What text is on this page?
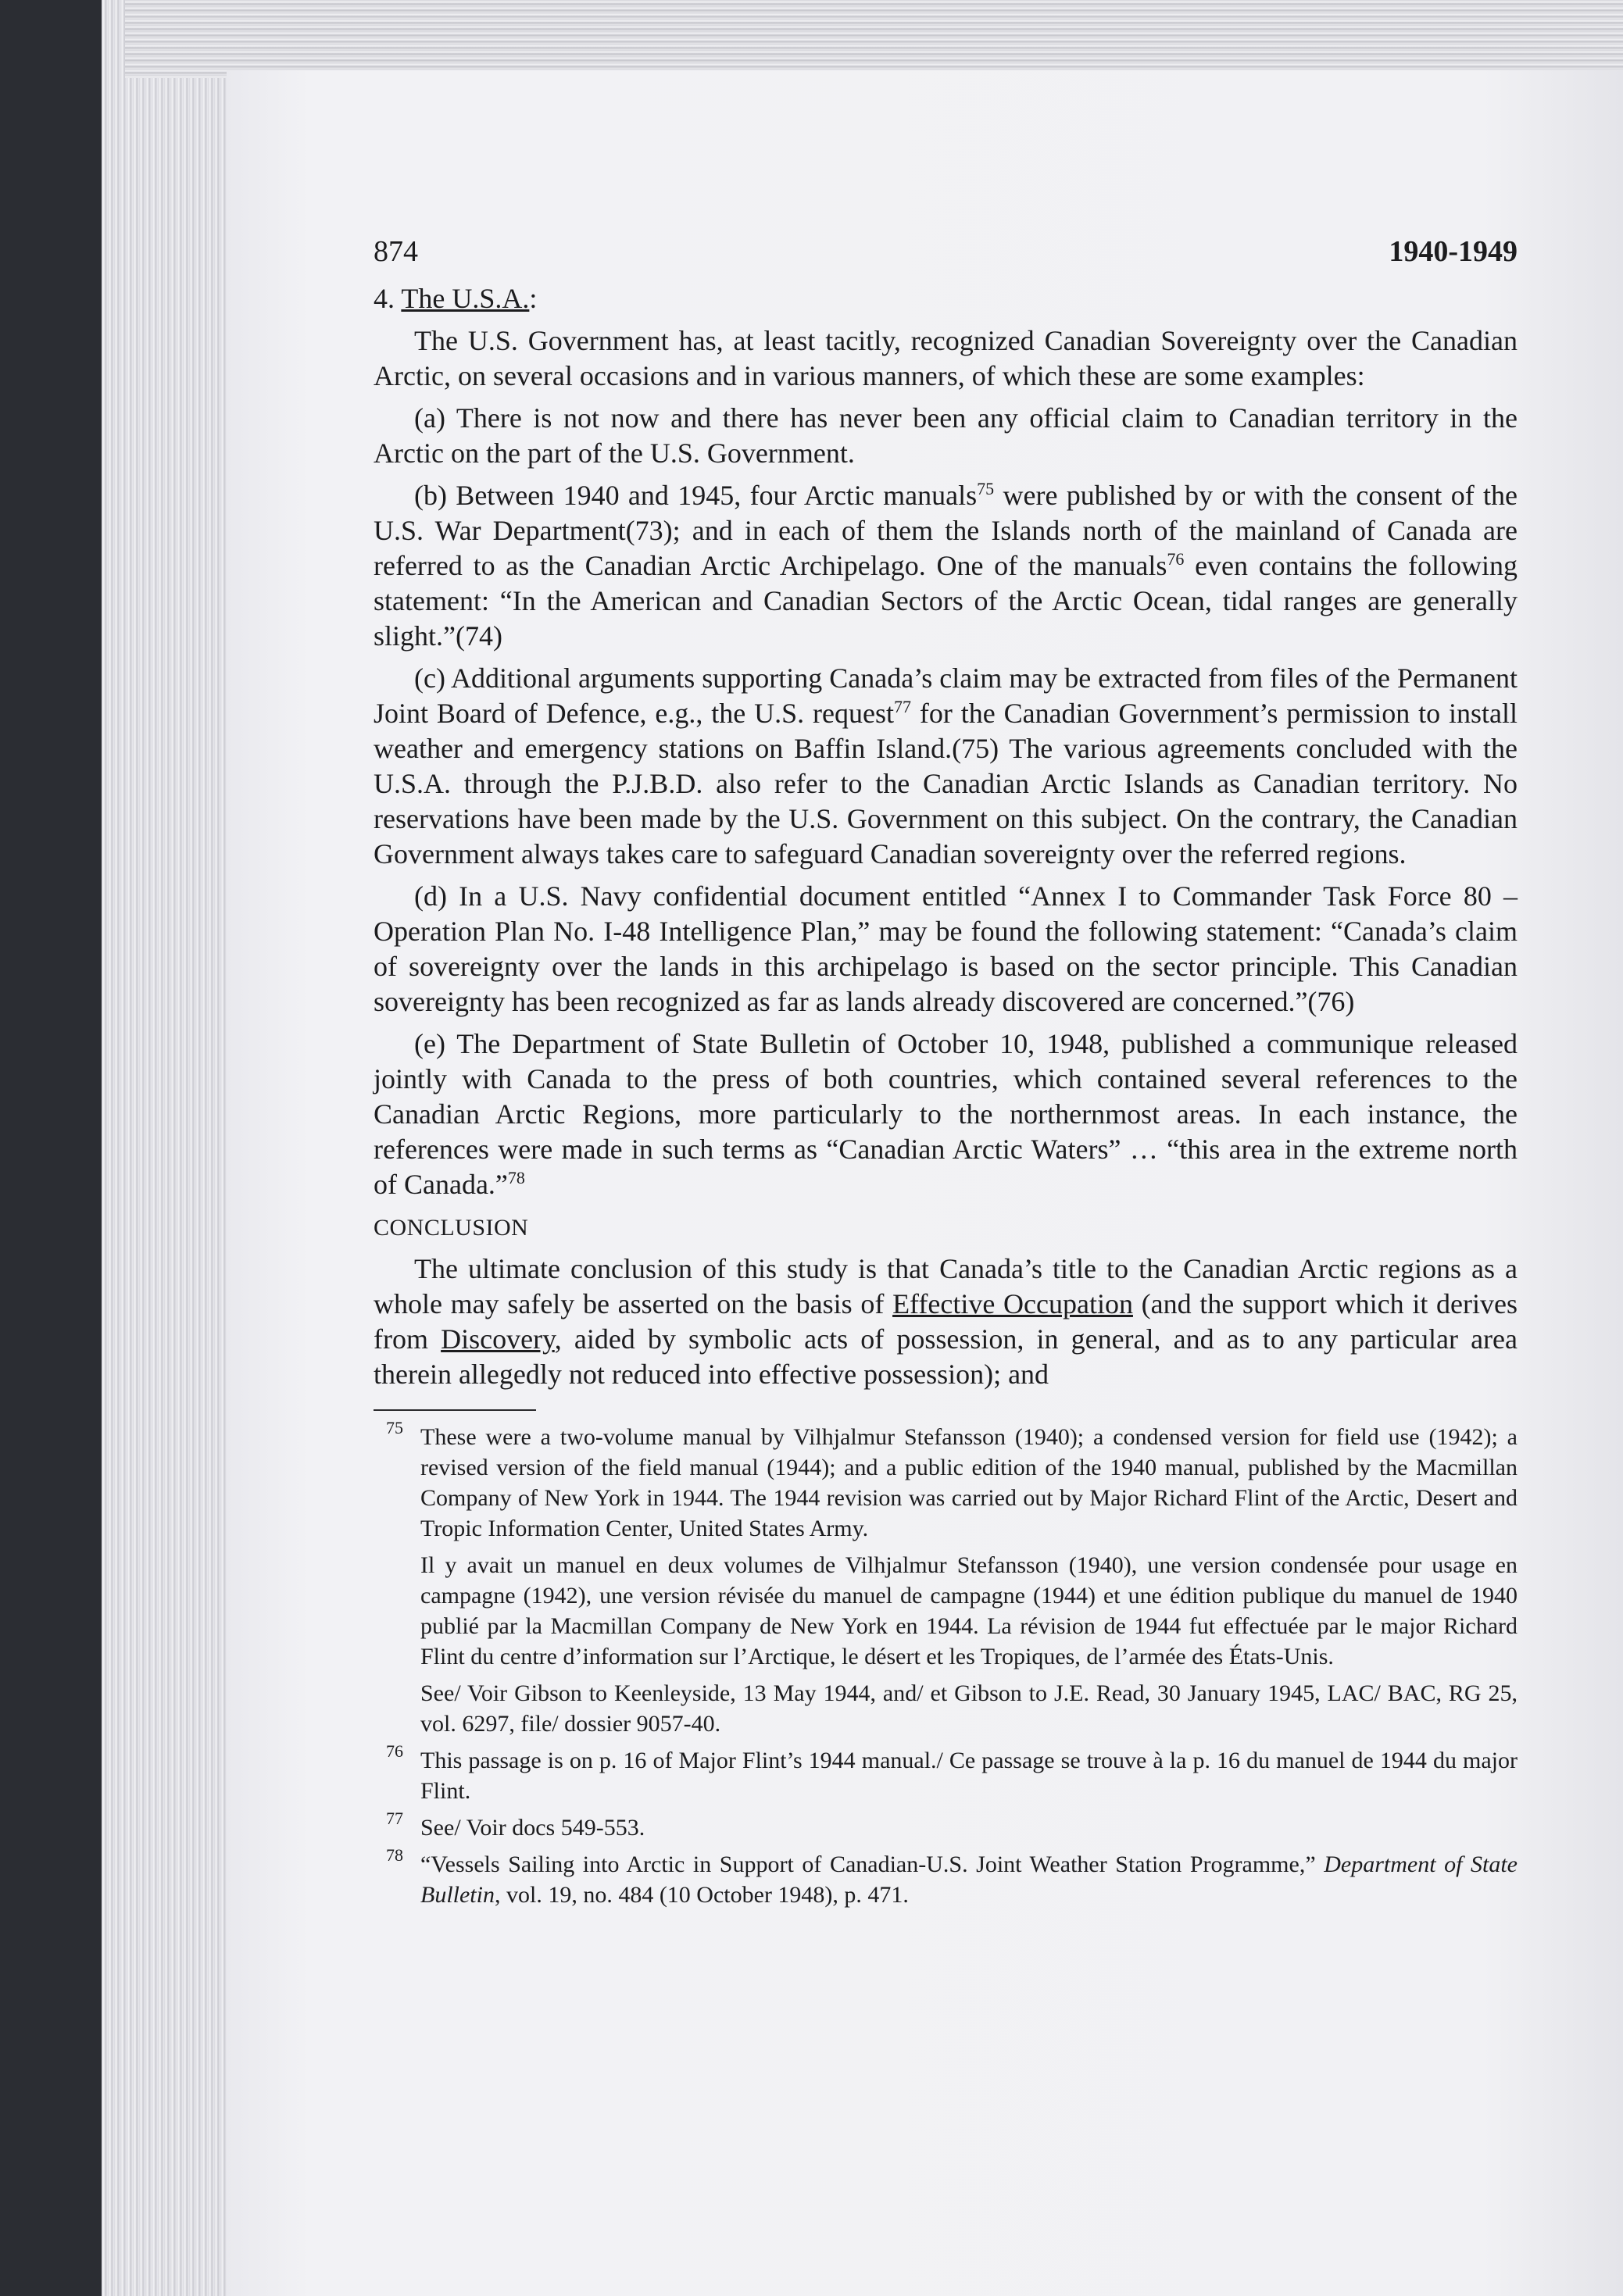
874	1940-1949

4. The U.S.A.:

The U.S. Government has, at least tacitly, recognized Canadian Sovereignty over the Canadian Arctic, on several occasions and in various manners, of which these are some examples:

(a) There is not now and there has never been any official claim to Canadian territory in the Arctic on the part of the U.S. Government.

(b) Between 1940 and 1945, four Arctic manuals$^{75}$ were published by or with the consent of the U.S. War Department(73); and in each of them the Islands north of the mainland of Canada are referred to as the Canadian Arctic Archipelago. One of the manuals$^{76}$ even contains the following statement: “In the American and Canadian Sectors of the Arctic Ocean, tidal ranges are generally slight.”(74)

(c) Additional arguments supporting Canada’s claim may be extracted from files of the Permanent Joint Board of Defence, e.g., the U.S. request$^{77}$ for the Canadian Government’s permission to install weather and emergency stations on Baffin Island.(75) The various agreements concluded with the U.S.A. through the P.J.B.D. also refer to the Canadian Arctic Islands as Canadian territory. No reservations have been made by the U.S. Government on this subject. On the contrary, the Canadian Government always takes care to safeguard Canadian sovereignty over the referred regions.

(d) In a U.S. Navy confidential document entitled “Annex I to Commander Task Force 80 – Operation Plan No. I-48 Intelligence Plan,” may be found the following statement: “Canada’s claim of sovereignty over the lands in this archipelago is based on the sector principle. This Canadian sovereignty has been recognized as far as lands already discovered are concerned.”(76)

(e) The Department of State Bulletin of October 10, 1948, published a communique released jointly with Canada to the press of both countries, which contained several references to the Canadian Arctic Regions, more particularly to the northernmost areas. In each instance, the references were made in such terms as “Canadian Arctic Waters” … “this area in the extreme north of Canada.”$^{78}$

CONCLUSION

The ultimate conclusion of this study is that Canada’s title to the Canadian Arctic regions as a whole may safely be asserted on the basis of Effective Occupation (and the support which it derives from Discovery, aided by symbolic acts of possession, in general, and as to any particular area therein allegedly not reduced into effective possession); and

75 These were a two-volume manual by Vilhjalmur Stefansson (1940); a condensed version for field use (1942); a revised version of the field manual (1944); and a public edition of the 1940 manual, published by the Macmillan Company of New York in 1944. The 1944 revision was carried out by Major Richard Flint of the Arctic, Desert and Tropic Information Center, United States Army.

Il y avait un manuel en deux volumes de Vilhjalmur Stefansson (1940), une version condensée pour usage en campagne (1942), une version révisée du manuel de campagne (1944) et une édition publique du manuel de 1940 publié par la Macmillan Company de New York en 1944. La révision de 1944 fut effectuée par le major Richard Flint du centre d’information sur l’Arctique, le désert et les Tropiques, de l’armée des États-Unis.

See/ Voir Gibson to Keenleyside, 13 May 1944, and/ et Gibson to J.E. Read, 30 January 1945, LAC/ BAC, RG 25, vol. 6297, file/ dossier 9057-40.

76 This passage is on p. 16 of Major Flint’s 1944 manual./ Ce passage se trouve à la p. 16 du manuel de 1944 du major Flint.

77 See/ Voir docs 549-553.

78 “Vessels Sailing into Arctic in Support of Canadian-U.S. Joint Weather Station Programme,” Department of State Bulletin, vol. 19, no. 484 (10 October 1948), p. 471.
